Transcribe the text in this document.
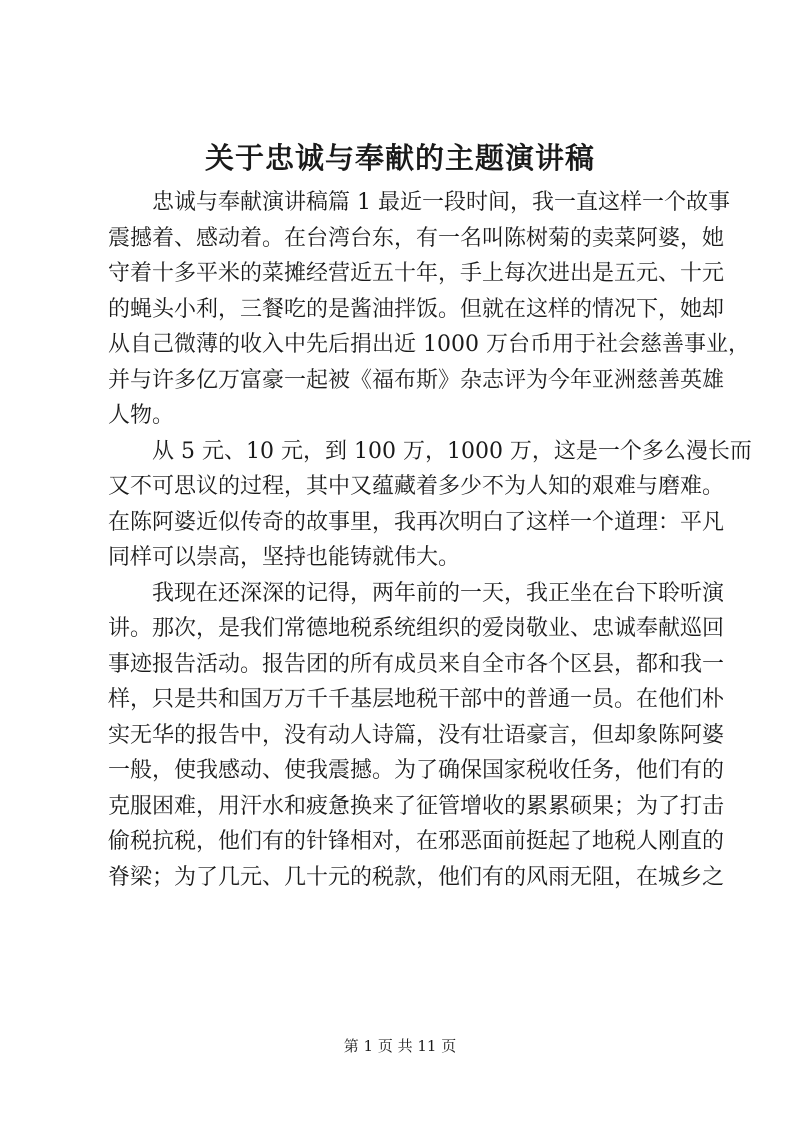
关于忠诚与奉献的主题演讲稿
忠诚与奉献演讲稿篇 1 最近一段时间，我一直这样一个故事
震撼着、感动着。在台湾台东，有一名叫陈树菊的卖菜阿婆，她
守着十多平米的菜摊经营近五十年，手上每次进出是五元、十元
的蝇头小利，三餐吃的是酱油拌饭。但就在这样的情况下，她却
从自己微薄的收入中先后捐出近 1000 万台币用于社会慈善事业，
并与许多亿万富豪一起被《福布斯》杂志评为今年亚洲慈善英雄
人物。
从 5 元、10 元，到 100 万，1000 万，这是一个多么漫长而
又不可思议的过程，其中又蕴藏着多少不为人知的艰难与磨难。
在陈阿婆近似传奇的故事里，我再次明白了这样一个道理：平凡
同样可以崇高，坚持也能铸就伟大。
我现在还深深的记得，两年前的一天，我正坐在台下聆听演
讲。那次，是我们常德地税系统组织的爱岗敬业、忠诚奉献巡回
事迹报告活动。报告团的所有成员来自全市各个区县，都和我一
样，只是共和国万万千千基层地税干部中的普通一员。在他们朴
实无华的报告中，没有动人诗篇，没有壮语豪言，但却象陈阿婆
一般，使我感动、使我震撼。为了确保国家税收任务，他们有的
克服困难，用汗水和疲惫换来了征管增收的累累硕果；为了打击
偷税抗税，他们有的针锋相对，在邪恶面前挺起了地税人刚直的
脊梁；为了几元、几十元的税款，他们有的风雨无阻，在城乡之
第 1 页 共 11 页
